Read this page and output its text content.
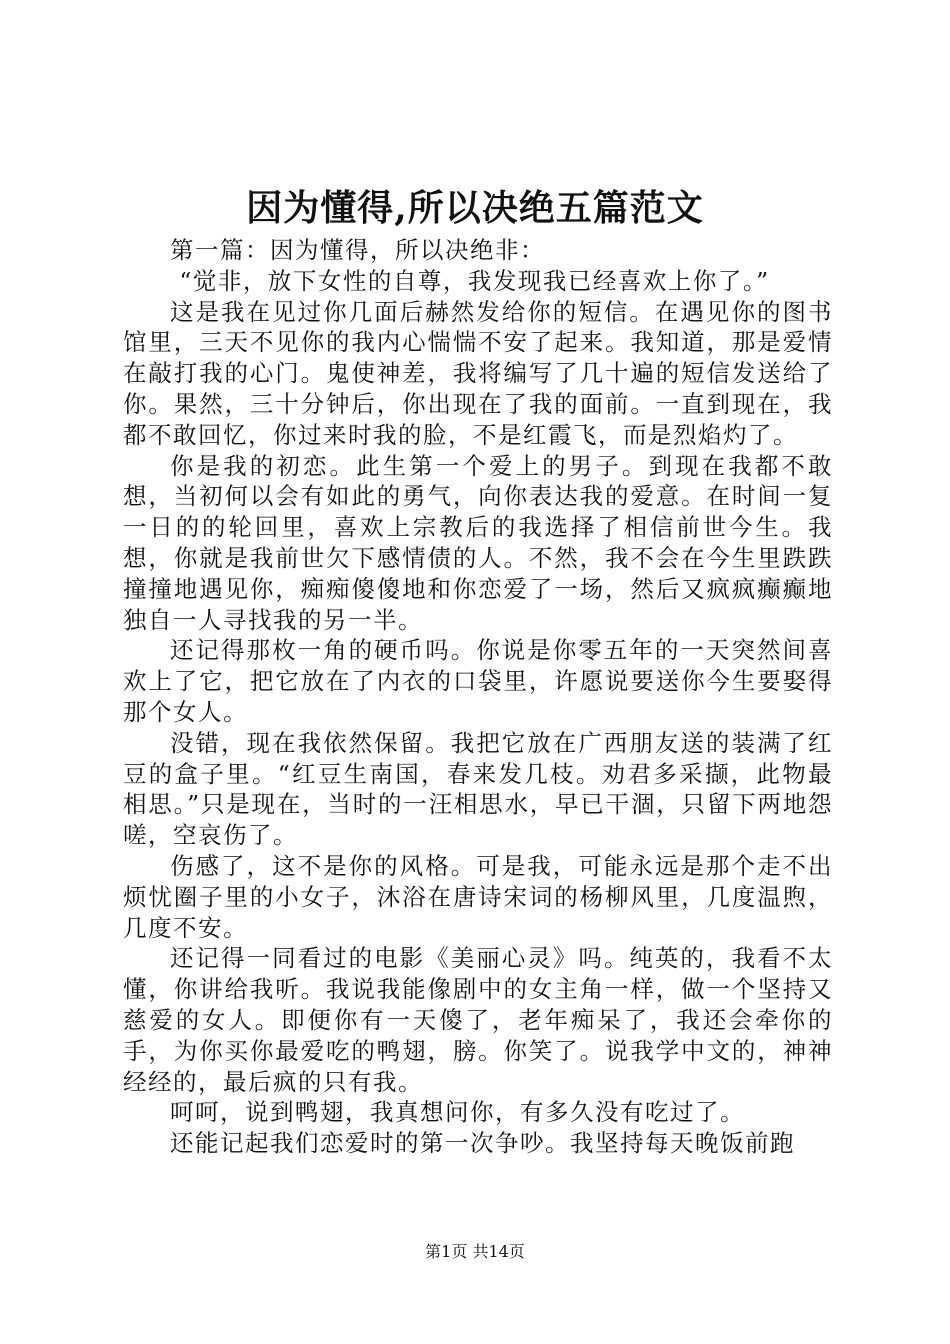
因为懂得,所以决绝五篇范文

第一篇：因为懂得，所以决绝非：

“觉非，放下女性的自尊，我发现我已经喜欢上你了。”

这是我在见过你几面后赫然发给你的短信。在遇见你的图书馆里，三天不见你的我内心惴惴不安了起来。我知道，那是爱情在敲打我的心门。鬼使神差，我将编写了几十遍的短信发送给了你。果然，三十分钟后，你出现在了我的面前。一直到现在，我都不敢回忆，你过来时我的脸，不是红霞飞，而是烈焰灼了。

你是我的初恋。此生第一个爱上的男子。到现在我都不敢想，当初何以会有如此的勇气，向你表达我的爱意。在时间一复一日的的轮回里，喜欢上宗教后的我选择了相信前世今生。我想，你就是我前世欠下感情债的人。不然，我不会在今生里跌跌撞撞地遇见你，痴痴傻傻地和你恋爱了一场，然后又疯疯癫癫地独自一人寻找我的另一半。

还记得那枚一角的硬币吗。你说是你零五年的一天突然间喜欢上了它，把它放在了内衣的口袋里，许愿说要送你今生要娶得那个女人。

没错，现在我依然保留。我把它放在广西朋友送的装满了红豆的盒子里。“红豆生南国，春来发几枝。劝君多采撷，此物最相思。”只是现在，当时的一汪相思水，早已干涸，只留下两地怨嗟，空哀伤了。

伤感了，这不是你的风格。可是我，可能永远是那个走不出烦忧圈子里的小女子，沐浴在唐诗宋词的杨柳风里，几度温煦，几度不安。

还记得一同看过的电影《美丽心灵》吗。纯英的，我看不太懂，你讲给我听。我说我能像剧中的女主角一样，做一个坚持又慈爱的女人。即便你有一天傻了，老年痴呆了，我还会牵你的手，为你买你最爱吃的鸭翅，膀。你笑了。说我学中文的，神神经经的，最后疯的只有我。

呵呵，说到鸭翅，我真想问你，有多久没有吃过了。

还能记起我们恋爱时的第一次争吵。我坚持每天晚饭前跑

第1页 共14页
